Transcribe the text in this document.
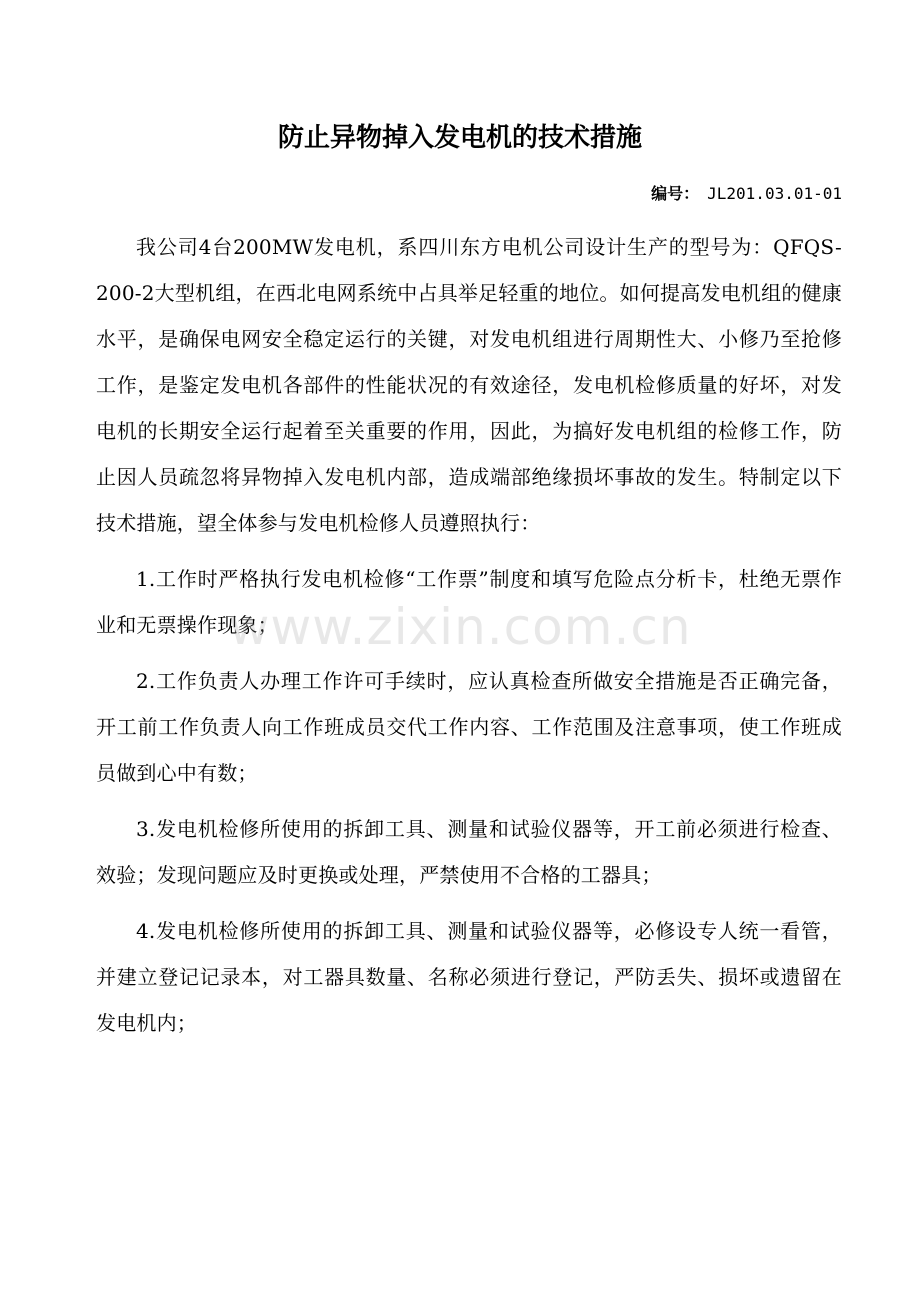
防止异物掉入发电机的技术措施
编号： JL201.03.01-01

我公司4台200MW发电机，系四川东方电机公司设计生产的型号为：QFQS-200-2大型机组，在西北电网系统中占具举足轻重的地位。如何提高发电机组的健康水平，是确保电网安全稳定运行的关键，对发电机组进行周期性大、小修乃至抢修工作，是鉴定发电机各部件的性能状况的有效途径，发电机检修质量的好坏，对发电机的长期安全运行起着至关重要的作用，因此，为搞好发电机组的检修工作，防止因人员疏忽将异物掉入发电机内部，造成端部绝缘损坏事故的发生。特制定以下技术措施，望全体参与发电机检修人员遵照执行：

1.工作时严格执行发电机检修“工作票”制度和填写危险点分析卡，杜绝无票作业和无票操作现象；

2.工作负责人办理工作许可手续时，应认真检查所做安全措施是否正确完备，开工前工作负责人向工作班成员交代工作内容、工作范围及注意事项，使工作班成员做到心中有数；

3.发电机检修所使用的拆卸工具、测量和试验仪器等，开工前必须进行检查、效验；发现问题应及时更换或处理，严禁使用不合格的工器具；

4.发电机检修所使用的拆卸工具、测量和试验仪器等，必修设专人统一看管，并建立登记记录本，对工器具数量、名称必须进行登记，严防丢失、损坏或遗留在发电机内；

www.zixin.com.cn
